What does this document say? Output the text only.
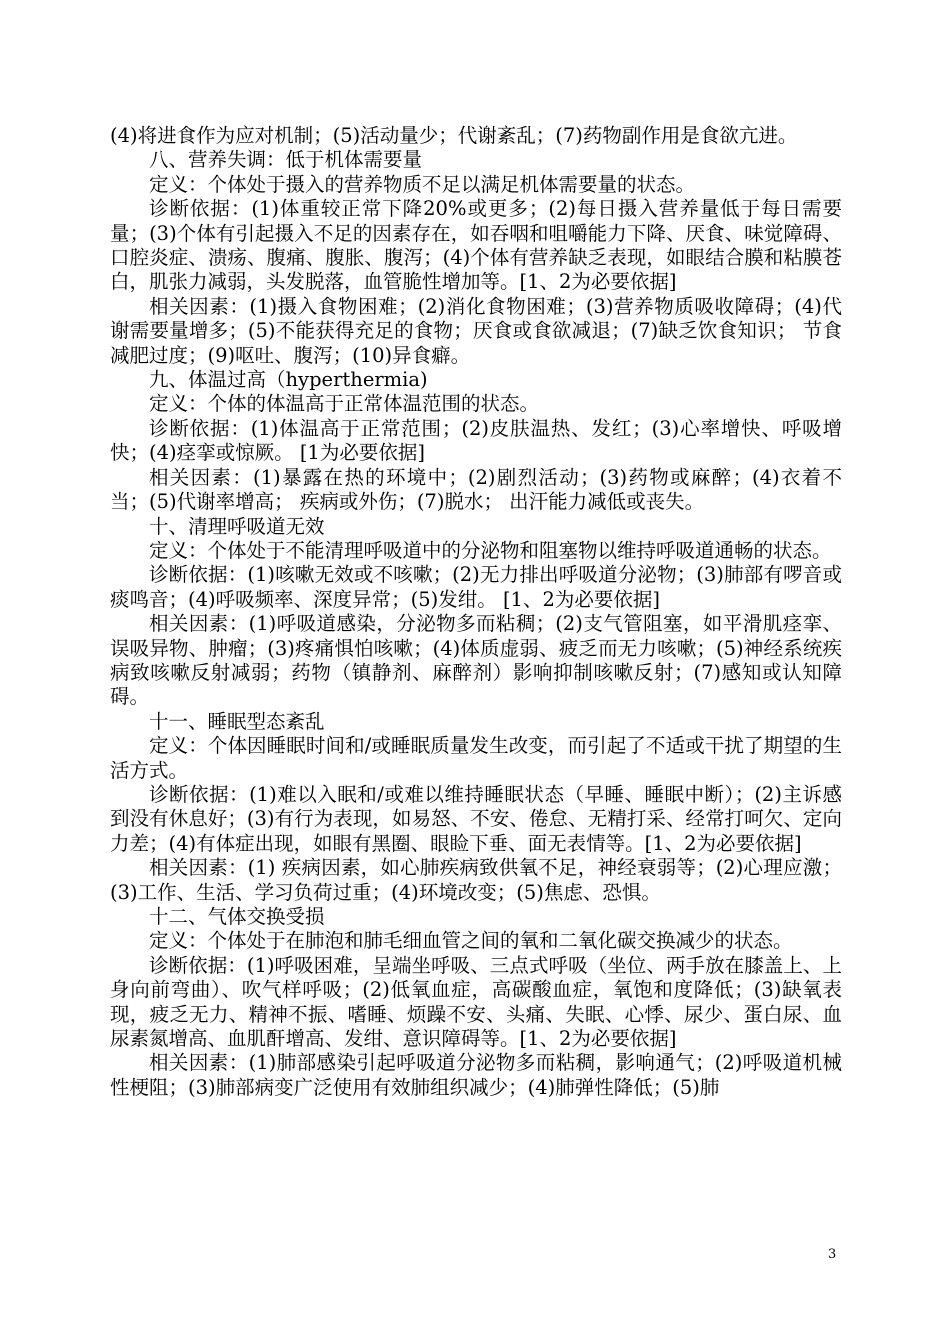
(4)将进食作为应对机制；(5)活动量少；代谢紊乱；(7)药物副作用是食欲亢进。

八、营养失调：低于机体需要量

定义：个体处于摄入的营养物质不足以满足机体需要量的状态。

诊断依据：(1)体重较正常下降20%或更多；(2)每日摄入营养量低于每日需要量；(3)个体有引起摄入不足的因素存在，如吞咽和咀嚼能力下降、厌食、味觉障碍、口腔炎症、溃疡、腹痛、腹胀、腹泻；(4)个体有营养缺乏表现，如眼结合膜和粘膜苍白，肌张力减弱，头发脱落，血管脆性增加等。[1、2为必要依据]

相关因素：(1)摄入食物困难；(2)消化食物困难；(3)营养物质吸收障碍；(4)代谢需要量增多；(5)不能获得充足的食物；厌食或食欲减退；(7)缺乏饮食知识； 节食减肥过度；(9)呕吐、腹泻；(10)异食癖。

九、体温过高（hyperthermia)

定义：个体的体温高于正常体温范围的状态。

诊断依据：(1)体温高于正常范围；(2)皮肤温热、发红；(3)心率增快、呼吸增快；(4)痉挛或惊厥。 [1为必要依据]

相关因素：(1)暴露在热的环境中；(2)剧烈活动；(3)药物或麻醉；(4)衣着不当；(5)代谢率增高； 疾病或外伤；(7)脱水； 出汗能力减低或丧失。

十、清理呼吸道无效

定义：个体处于不能清理呼吸道中的分泌物和阻塞物以维持呼吸道通畅的状态。

诊断依据：(1)咳嗽无效或不咳嗽；(2)无力排出呼吸道分泌物；(3)肺部有啰音或痰鸣音；(4)呼吸频率、深度异常；(5)发绀。 [1、2为必要依据]

相关因素：(1)呼吸道感染，分泌物多而粘稠；(2)支气管阻塞，如平滑肌痉挛、误吸异物、肿瘤；(3)疼痛惧怕咳嗽；(4)体质虚弱、疲乏而无力咳嗽；(5)神经系统疾病致咳嗽反射减弱；药物（镇静剂、麻醉剂）影响抑制咳嗽反射；(7)感知或认知障碍。

十一、睡眠型态紊乱

定义：个体因睡眠时间和/或睡眠质量发生改变，而引起了不适或干扰了期望的生活方式。

诊断依据：(1)难以入眠和/或难以维持睡眠状态（早睡、睡眠中断）；(2)主诉感到没有休息好；(3)有行为表现，如易怒、不安、倦怠、无精打采、经常打呵欠、定向力差；(4)有体症出现，如眼有黑圈、眼睑下垂、面无表情等。[1、2为必要依据]

相关因素：(1) 疾病因素，如心肺疾病致供氧不足，神经衰弱等；(2)心理应激；(3)工作、生活、学习负荷过重；(4)环境改变；(5)焦虑、恐惧。

十二、气体交换受损

定义：个体处于在肺泡和肺毛细血管之间的氧和二氧化碳交换减少的状态。

诊断依据：(1)呼吸困难，呈端坐呼吸、三点式呼吸（坐位、两手放在膝盖上、上身向前弯曲）、吹气样呼吸；(2)低氧血症，高碳酸血症，氧饱和度降低；(3)缺氧表现，疲乏无力、精神不振、嗜睡、烦躁不安、头痛、失眠、心悸、尿少、蛋白尿、血尿素氮增高、血肌酐增高、发绀、意识障碍等。[1、2为必要依据]

相关因素：(1)肺部感染引起呼吸道分泌物多而粘稠，影响通气；(2)呼吸道机械性梗阻；(3)肺部病变广泛使用有效肺组织减少；(4)肺弹性降低；(5)肺

3
